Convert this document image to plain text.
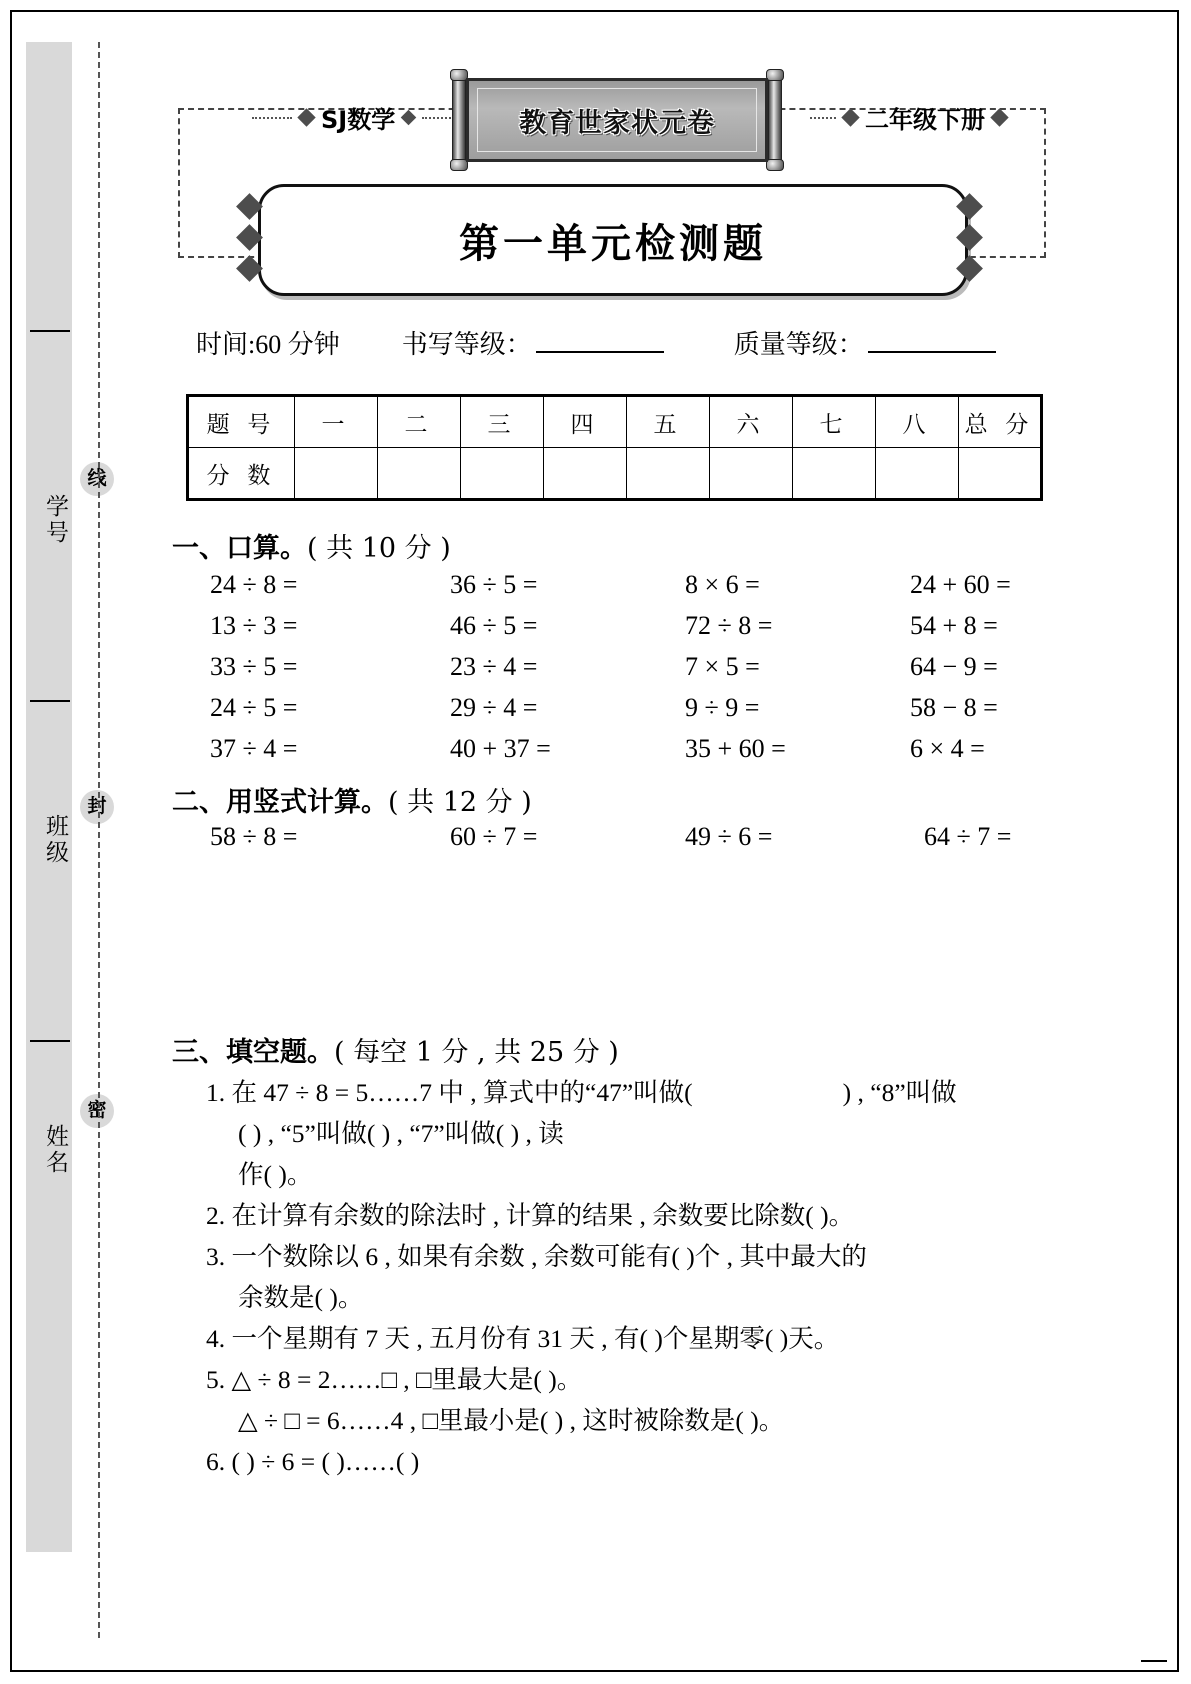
学号
班级
姓名
线
封
密
SJ数学	教育世家状元卷	二年级下册
第一单元检测题
时间:60 分钟 书写等级：	质量等级：
题 号	一	二	三	四	五	六	七	八	总 分
分 数									
一、口算。( 共 10 分 )
24 ÷ 8 =	36 ÷ 5 =	8 × 6 =	24 + 60 =
13 ÷ 3 =	46 ÷ 5 =	72 ÷ 8 =	54 + 8 =
33 ÷ 5 =	23 ÷ 4 =	7 × 5 =	64 − 9 =
24 ÷ 5 =	29 ÷ 4 =	9 ÷ 9 =	58 − 8 =
37 ÷ 4 =	40 + 37 =	35 + 60 =	6 × 4 =
二、用竖式计算。( 共 12 分 )
58 ÷ 8 =	60 ÷ 7 =	49 ÷ 6 =	64 ÷ 7 =
三、填空题。( 每空 1 分 , 共 25 分 )
1. 在 47 ÷ 8 = 5……7 中 , 算式中的“47”叫做(	) , “8”叫做
( ) , “5”叫做( ) , “7”叫做( ) , 读
作( )。
2. 在计算有余数的除法时 , 计算的结果 , 余数要比除数( )。
3. 一个数除以 6 , 如果有余数 , 余数可能有( )个 , 其中最大的
余数是( )。
4. 一个星期有 7 天 , 五月份有 31 天 , 有( )个星期零( )天。
5. △ ÷ 8 = 2……□ , □里最大是( )。
△ ÷ □ = 6……4 , □里最小是( ) , 这时被除数是( )。
6. ( ) ÷ 6 = ( )……( )
